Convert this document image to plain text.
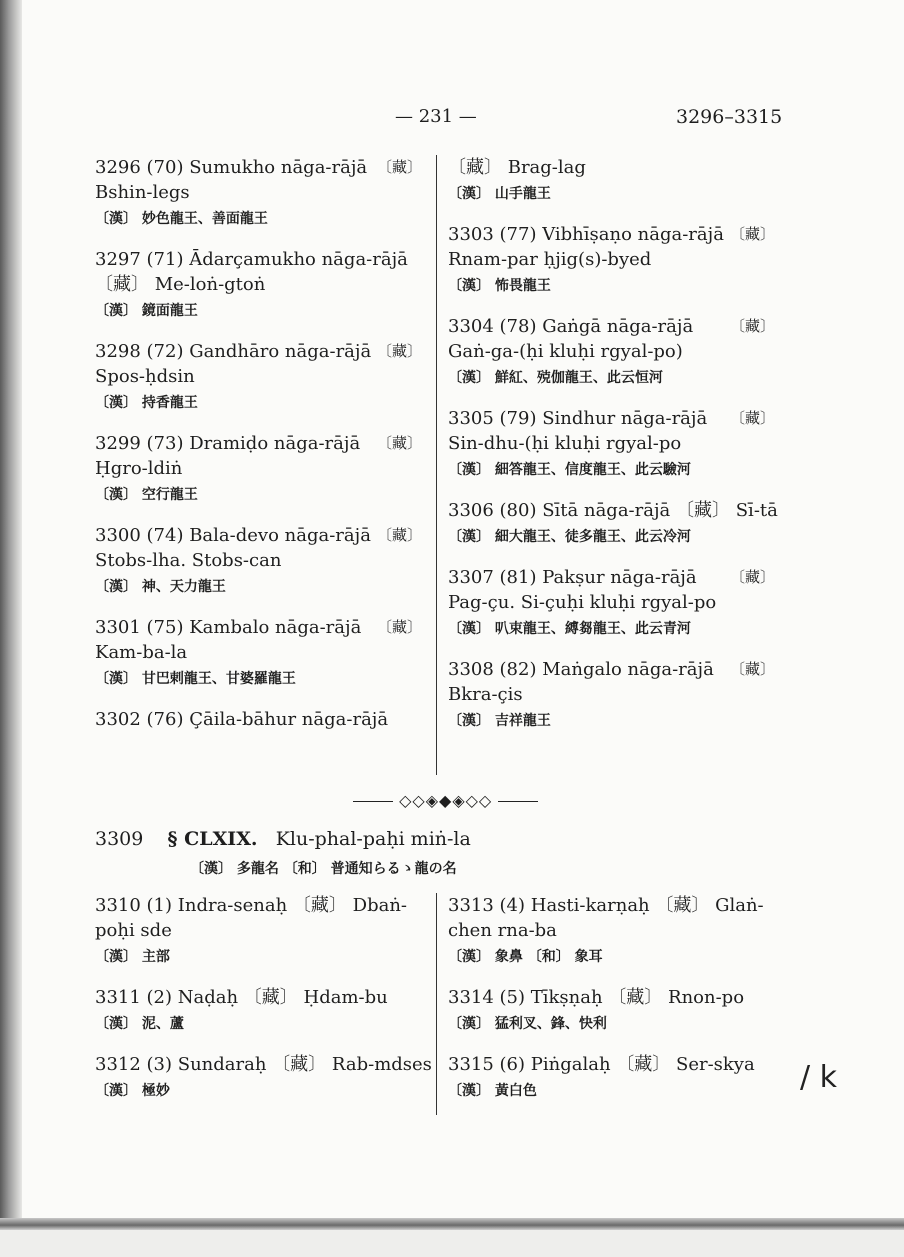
— 231 —	3296–3315
3296 (70) Sumukho nāga-rājā 〔藏〕
Bshin-legs
〔漢〕 妙色龍王、善面龍王
3297 (71) Ādarçamukho nāga-rājā
〔藏〕 Me-loṅ-gtoṅ
〔漢〕 鏡面龍王
3298 (72) Gandhāro nāga-rājā 〔藏〕
Spos-ḥdsin
〔漢〕 持香龍王
3299 (73) Dramiḍo nāga-rājā 〔藏〕
Ḥgro-ldiṅ
〔漢〕 空行龍王
3300 (74) Bala-devo nāga-rājā 〔藏〕
Stobs-lha. Stobs-can
〔漢〕 神、天力龍王
3301 (75) Kambalo nāga-rājā 〔藏〕
Kam-ba-la
〔漢〕 甘巴剌龍王、甘婆羅龍王
3302 (76) Çāila-bāhur nāga-rājā
〔藏〕 Brag-lag
〔漢〕 山手龍王
3303 (77) Vibhīṣaṇo nāga-rājā 〔藏〕
Rnam-par ḥjig(s)-byed
〔漢〕 怖畏龍王
3304 (78) Gaṅgā nāga-rājā 〔藏〕
Gaṅ-ga-(ḥi kluḥi rgyal-po)
〔漢〕 鮮紅、殑伽龍王、此云恒河
3305 (79) Sindhur nāga-rājā 〔藏〕
Sin-dhu-(ḥi kluḥi rgyal-po
〔漢〕 細答龍王、信度龍王、此云驗河
3306 (80) Sītā nāga-rājā 〔藏〕 Sī-tā
〔漢〕 細大龍王、徒多龍王、此云冷河
3307 (81) Pakṣur nāga-rājā 〔藏〕
Pag-çu. Si-çuḥi kluḥi rgyal-po
〔漢〕 叭束龍王、縛芻龍王、此云青河
3308 (82) Maṅgalo nāga-rājā 〔藏〕
Bkra-çis
〔漢〕 吉祥龍王
◇◇◈◆◈◇◇
3309 § CLXIX. Klu-phal-paḥi miṅ-la
〔漢〕 多龍名 〔和〕 普通知らるゝ龍の名
3310 (1) Indra-senaḥ 〔藏〕 Dbaṅ-
poḥi sde
〔漢〕 主部
3311 (2) Naḍaḥ 〔藏〕 Ḥdam-bu
〔漢〕 泥、蘆
3312 (3) Sundaraḥ 〔藏〕 Rab-mdses
〔漢〕 極妙
3313 (4) Hasti-karṇaḥ 〔藏〕 Glaṅ-
chen rna-ba
〔漢〕 象鼻 〔和〕 象耳
3314 (5) Tīkṣṇaḥ 〔藏〕 Rnon-po
〔漢〕 猛利叉、鋒、快利
3315 (6) Piṅgalaḥ 〔藏〕 Ser-skya
〔漢〕 黃白色	/ k
